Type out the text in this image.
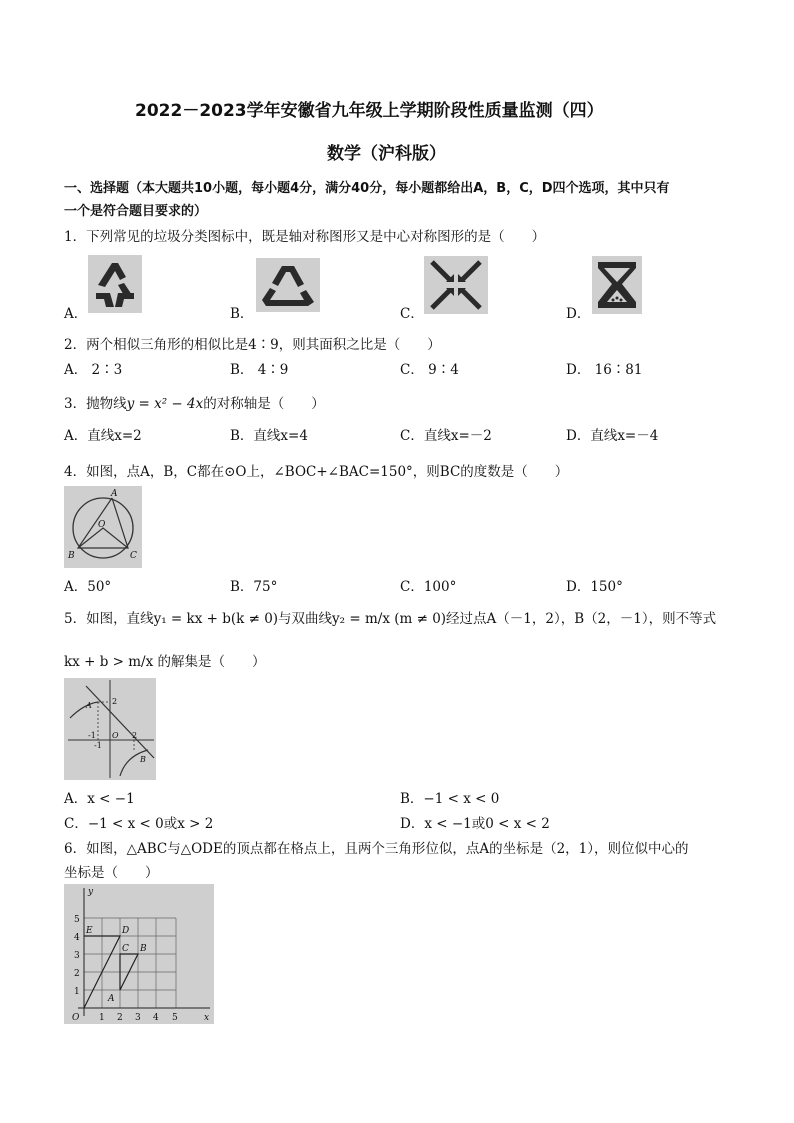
2022－2023学年安徽省九年级上学期阶段性质量监测（四）
数学（沪科版）
一、选择题（本大题共10小题，每小题4分，满分40分，每小题都给出A，B，C，D四个选项，其中只有
一个是符合题目要求的）
1．下列常见的垃圾分类图标中，既是轴对称图形又是中心对称图形的是（　　）
A．	B．	C．	D．
2．两个相似三角形的相似比是4∶9，则其面积之比是（　　）
A． 2∶3	B． 4∶9	C． 9∶4	D． 16∶81
3．抛物线y = x² − 4x的对称轴是（　　）
A．直线x=2	B．直线x=4	C．直线x=－2	D．直线x=－4
4．如图，点A，B，C都在⊙O上，∠BOC+∠BAC=150°，则BC的度数是（　　）
A
O
B	C
A．50°	B．75°	C．100°	D．150°
5．如图，直线y₁ = kx + b(k ≠ 0)与双曲线y₂ = m/x (m ≠ 0)经过点A（－1，2），B（2，－1），则不等式
kx + b > m/x 的解集是（　　）
A	2
-1 O 2
-1
B
A．x < −1	B．−1 < x < 0
C．−1 < x < 0或x > 2	D．x < −1或0 < x < 2
6．如图，△ABC与△ODE的顶点都在格点上，且两个三角形位似，点A的坐标是（2，1），则位似中心的
坐标是（　　）
y
x
O 1 2 3 4 5
1
2
3
4
5
E	D
C B
A
